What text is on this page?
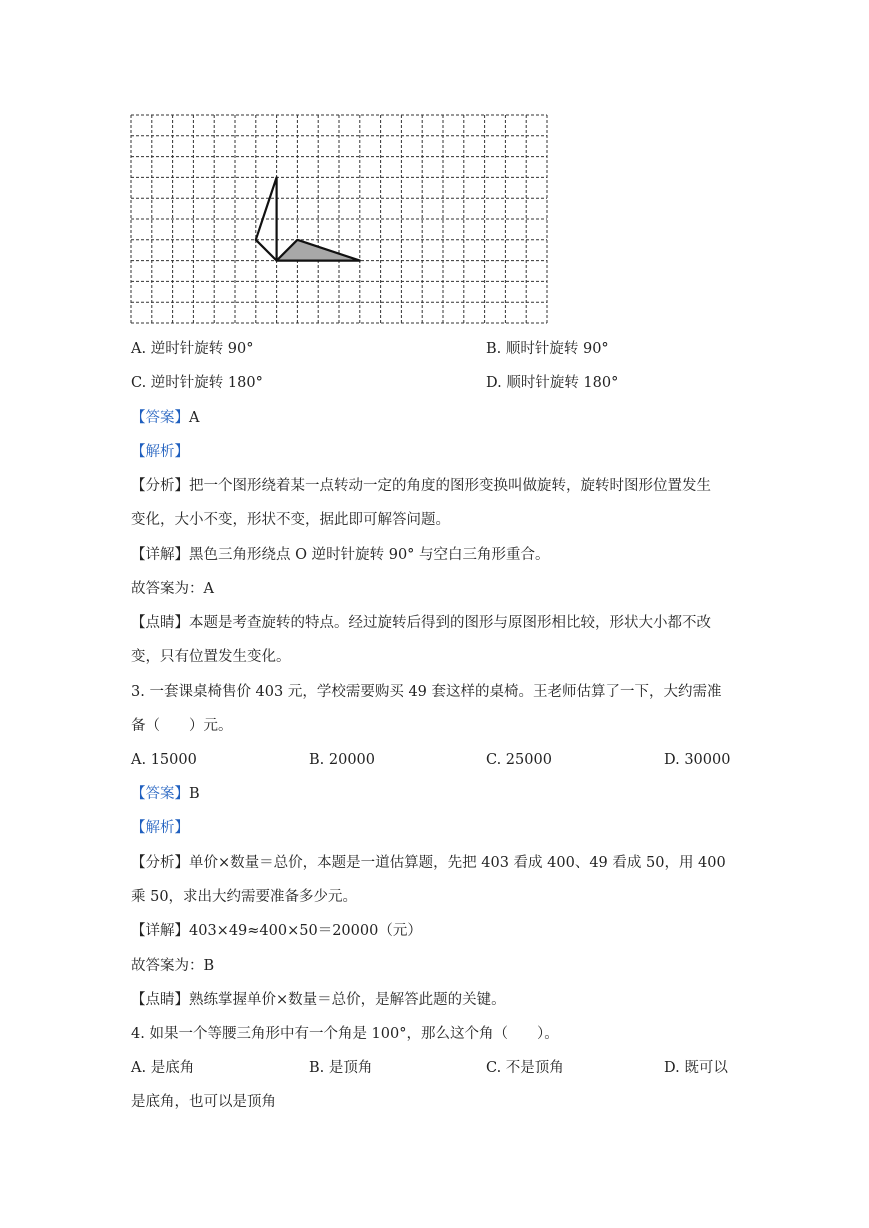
A. 逆时针旋转 90°	B. 顺时针旋转 90°
C. 逆时针旋转 180°	D. 顺时针旋转 180°
【答案】A
【解析】
【分析】把一个图形绕着某一点转动一定的角度的图形变换叫做旋转，旋转时图形位置发生
变化，大小不变，形状不变，据此即可解答问题。
【详解】黑色三角形绕点 O 逆时针旋转 90° 与空白三角形重合。
故答案为：A
【点睛】本题是考查旋转的特点。经过旋转后得到的图形与原图形相比较，形状大小都不改
变，只有位置发生变化。
3. 一套课桌椅售价 403 元，学校需要购买 49 套这样的桌椅。王老师估算了一下，大约需准
备（　　）元。
A. 15000	B. 20000	C. 25000	D. 30000
【答案】B
【解析】
【分析】单价×数量＝总价，本题是一道估算题，先把 403 看成 400、49 看成 50，用 400
乘 50，求出大约需要准备多少元。
【详解】403×49≈400×50＝20000（元）
故答案为：B
【点睛】熟练掌握单价×数量＝总价，是解答此题的关键。
4. 如果一个等腰三角形中有一个角是 100°，那么这个角（　　）。
A. 是底角	B. 是顶角	C. 不是顶角	D. 既可以
是底角，也可以是顶角
